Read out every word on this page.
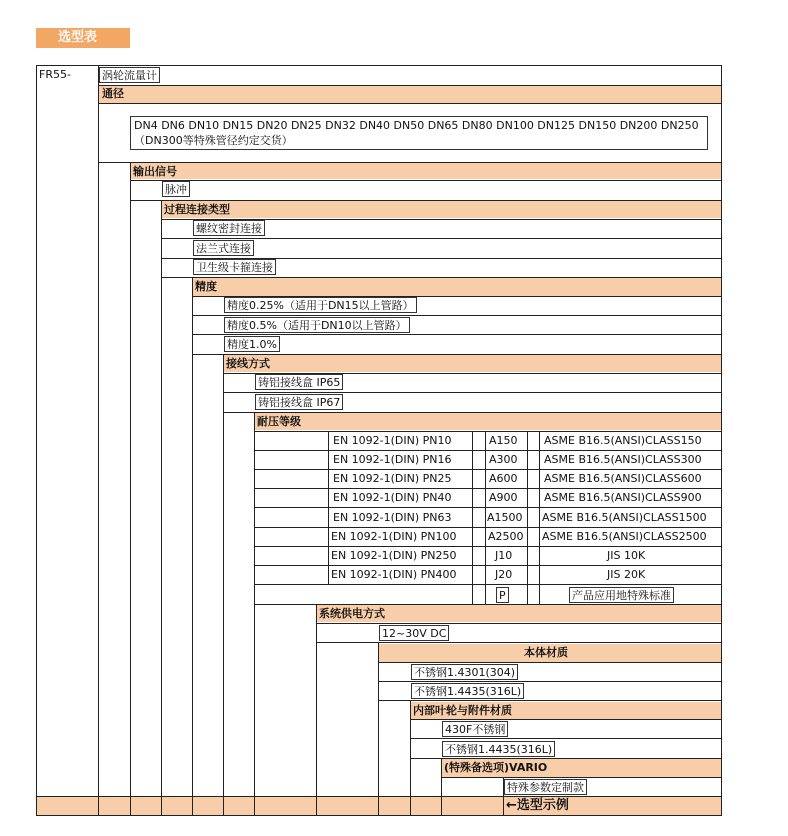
选型表
FR55-	涡轮流量计
通径
DN4 DN6 DN10 DN15 DN20 DN25 DN32 DN40 DN50 DN65 DN80 DN100 DN125 DN150 DN200 DN250
（DN300等特殊管径约定交货）
输出信号
脉冲
过程连接类型
螺纹密封连接
法兰式连接
卫生级卡箍连接
精度
精度0.25%（适用于DN15以上管路）
精度0.5%（适用于DN10以上管路）
精度1.0%
接线方式
铸铝接线盒 IP65
铸铝接线盒 IP67
耐压等级
EN 1092-1(DIN) PN10	A150 ASME B16.5(ANSI)CLASS150
EN 1092-1(DIN) PN16	A300 ASME B16.5(ANSI)CLASS300
EN 1092-1(DIN) PN25	A600 ASME B16.5(ANSI)CLASS600
EN 1092-1(DIN) PN40	A900 ASME B16.5(ANSI)CLASS900
EN 1092-1(DIN) PN63	A1500 ASME B16.5(ANSI)CLASS1500
EN 1092-1(DIN) PN100	A2500 ASME B16.5(ANSI)CLASS2500
EN 1092-1(DIN) PN250	J10	JIS 10K
EN 1092-1(DIN) PN400	J20	JIS 20K
P	产品应用地特殊标准
系统供电方式
12~30V DC
本体材质
不锈钢1.4301(304)
不锈钢1.4435(316L)
内部叶轮与附件材质
430F不锈钢
不锈钢1.4435(316L)
(特殊备选项)VARIO
特殊参数定制款
←选型示例
